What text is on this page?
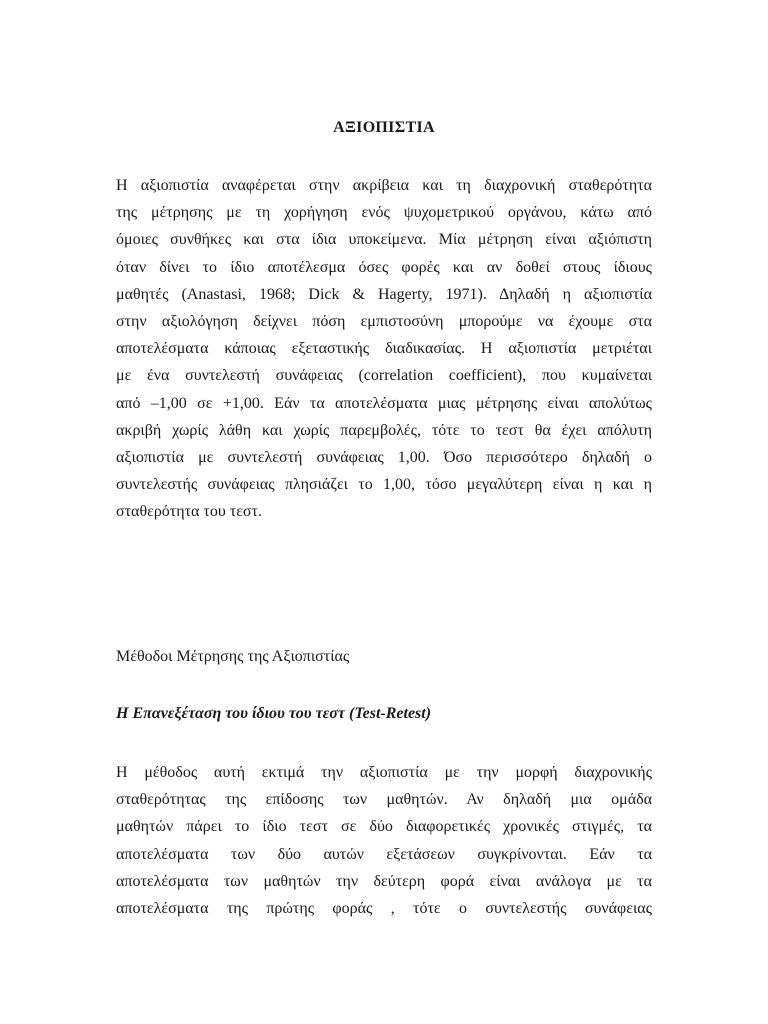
ΑΞΙΟΠΙΣΤΙΑ
Η αξιοπιστία αναφέρεται στην ακρίβεια και τη διαχρονική σταθερότητα
της μέτρησης με τη χορήγηση ενός ψυχομετρικού οργάνου, κάτω από
όμοιες συνθήκες και στα ίδια υποκείμενα. Μία μέτρηση είναι αξιόπιστη
όταν δίνει το ίδιο αποτέλεσμα όσες φορές και αν δοθεί στους ίδιους
μαθητές (Anastasi, 1968; Dick & Hagerty, 1971). Δηλαδή η αξιοπιστία
στην αξιολόγηση δείχνει πόση εμπιστοσύνη μπορούμε να έχουμε στα
αποτελέσματα κάποιας εξεταστικής διαδικασίας. Η αξιοπιστία μετριέται
με ένα συντελεστή συνάφειας (correlation coefficient), που κυμαίνεται
από –1,00 σε +1,00. Εάν τα αποτελέσματα μιας μέτρησης είναι απολύτως
ακριβή χωρίς λάθη και χωρίς παρεμβολές, τότε το τεστ θα έχει απόλυτη
αξιοπιστία με συντελεστή συνάφειας 1,00. Όσο περισσότερο δηλαδή ο
συντελεστής συνάφειας πλησιάζει το 1,00, τόσο μεγαλύτερη είναι η και η
σταθερότητα του τεστ.
Μέθοδοι Μέτρησης της Αξιοπιστίας
Η Επανεξέταση του ίδιου του τεστ (Test-Retest)
Η μέθοδος αυτή εκτιμά την αξιοπιστία με την μορφή διαχρονικής
σταθερότητας της επίδοσης των μαθητών. Αν δηλαδή μια ομάδα
μαθητών πάρει το ίδιο τεστ σε δύο διαφορετικές χρονικές στιγμές, τα
αποτελέσματα των δύο αυτών εξετάσεων συγκρίνονται. Εάν τα
αποτελέσματα των μαθητών την δεύτερη φορά είναι ανάλογα με τα
αποτελέσματα της πρώτης φοράς , τότε ο συντελεστής συνάφειας
